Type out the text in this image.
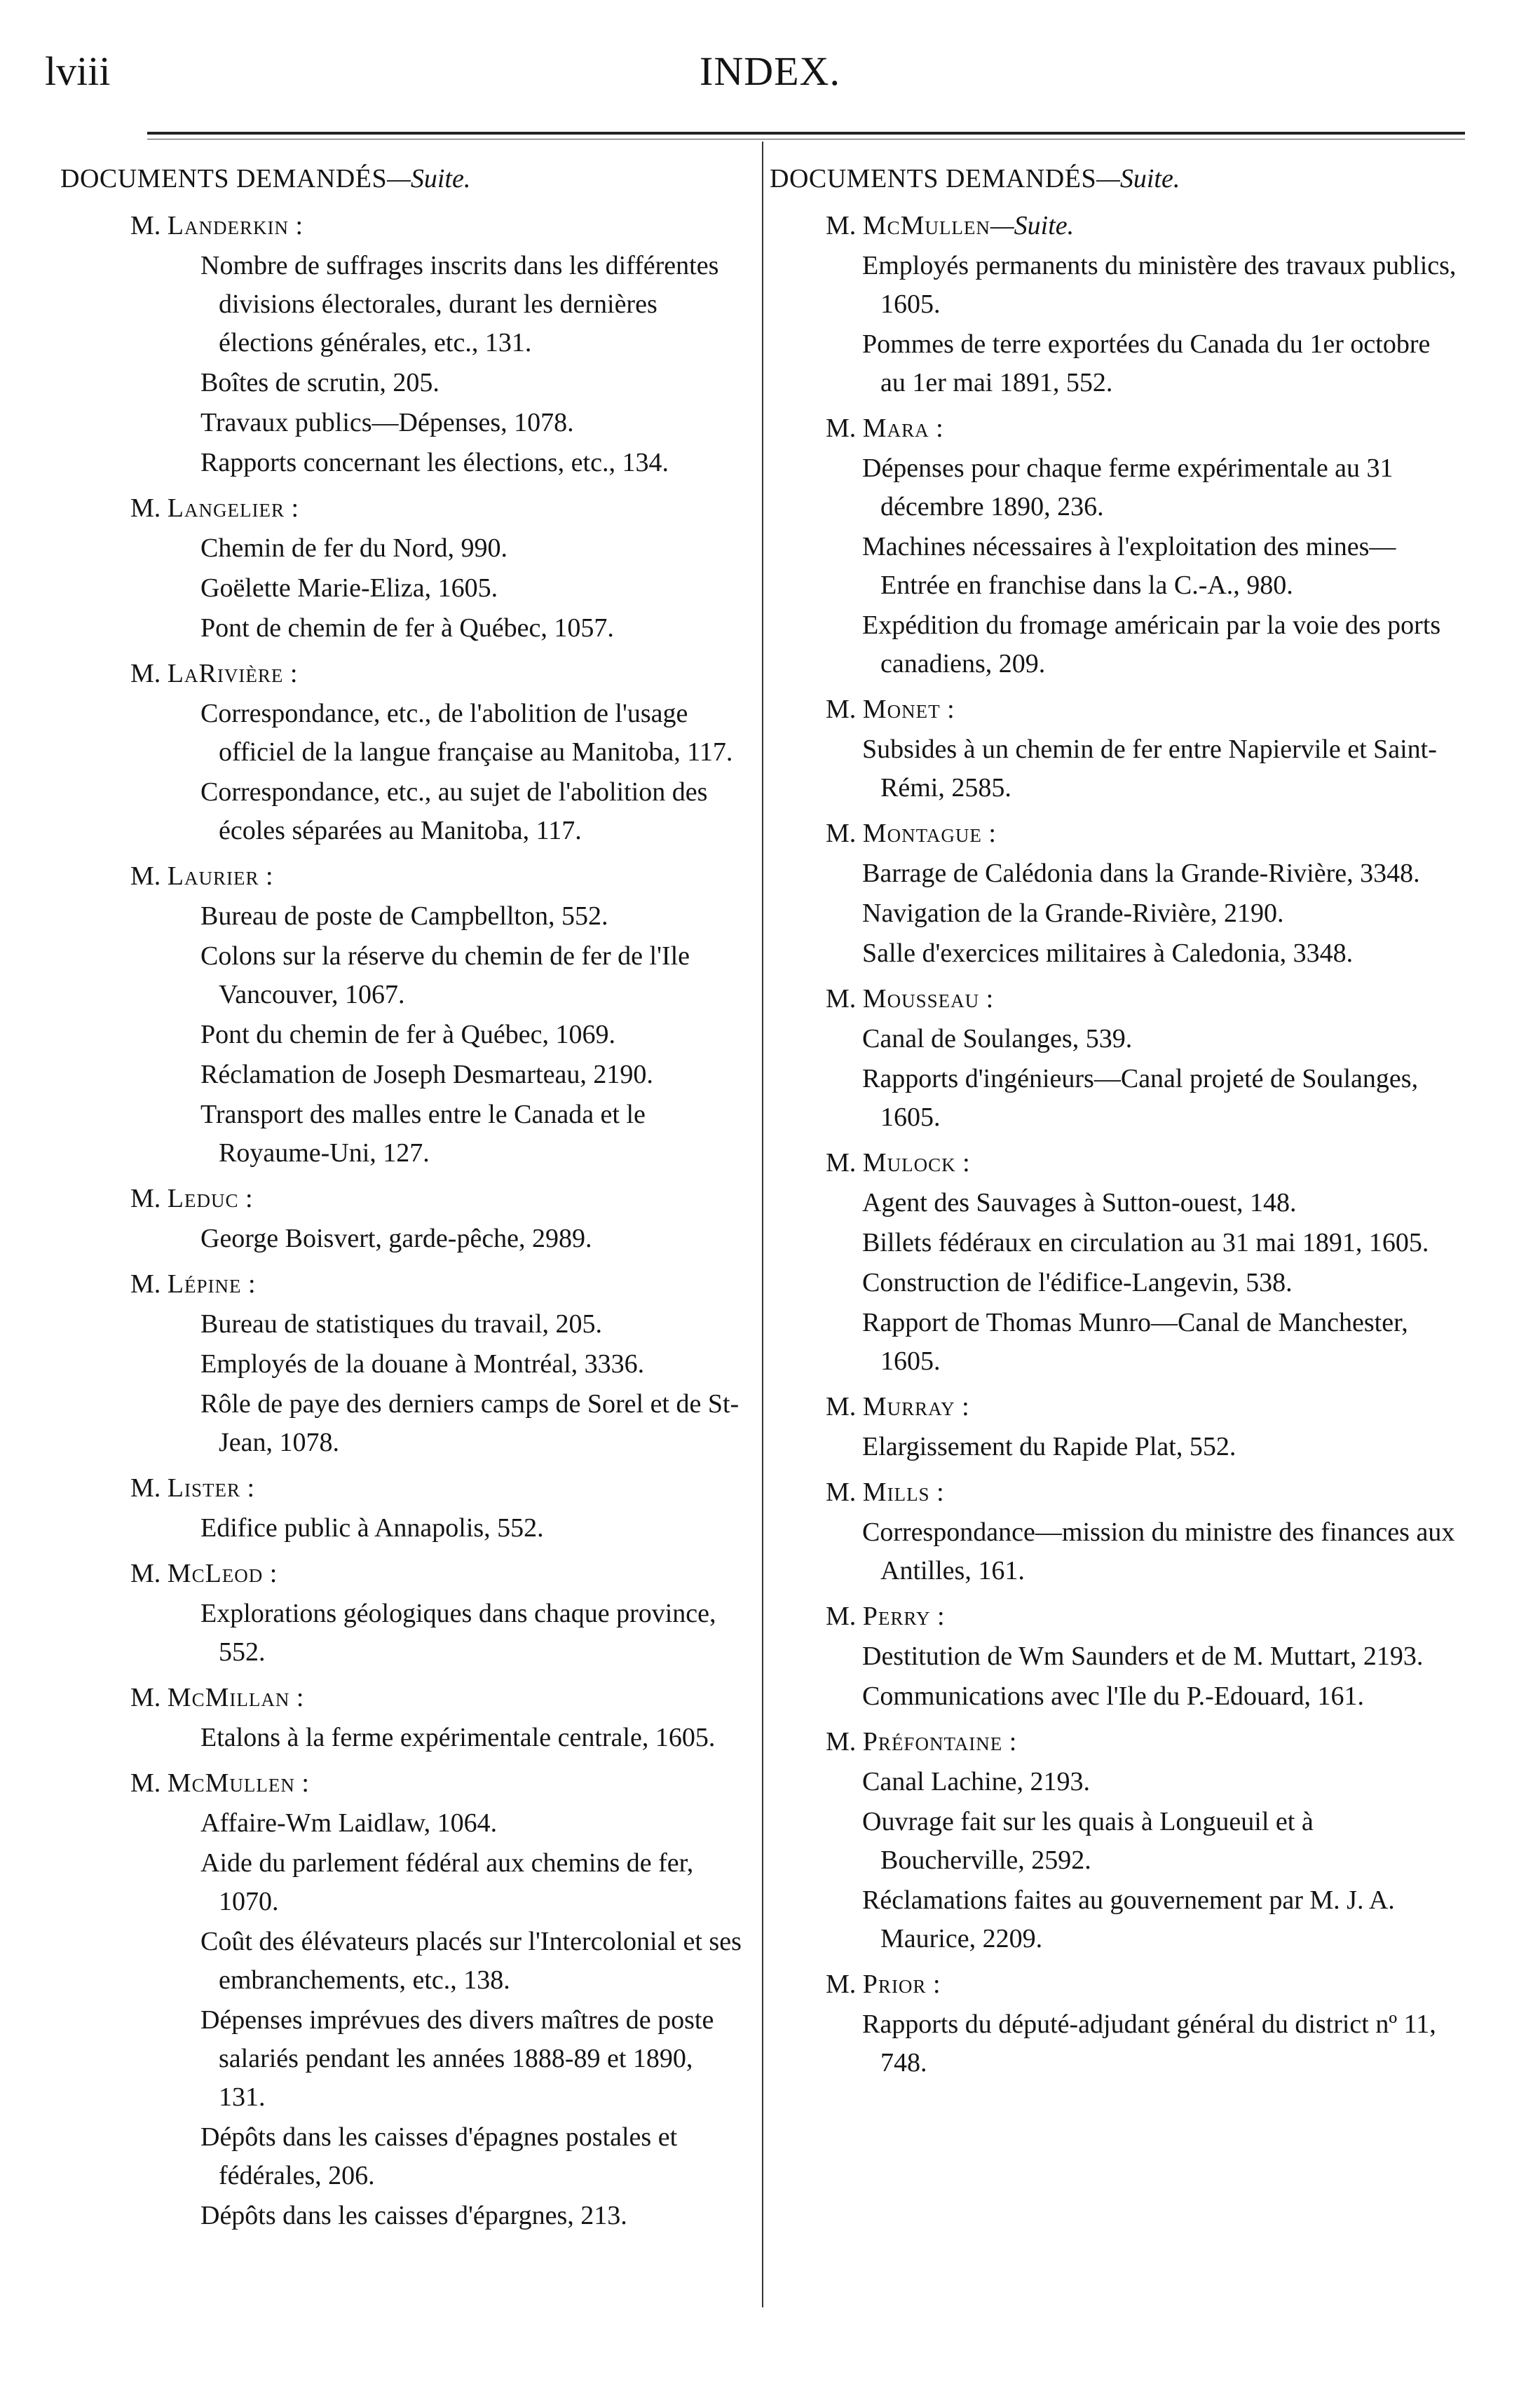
lviii	INDEX.
DOCUMENTS DEMANDÉS—Suite.
M. Landerkin :
Nombre de suffrages inscrits dans les différentes divisions électorales, durant les dernières élections générales, etc., 131.
Boîtes de scrutin, 205.
Travaux publics—Dépenses, 1078.
Rapports concernant les élections, etc., 134.
M. Langelier :
Chemin de fer du Nord, 990.
Goëlette Marie-Eliza, 1605.
Pont de chemin de fer à Québec, 1057.
M. LaRivière :
Correspondance, etc., de l'abolition de l'usage officiel de la langue française au Manitoba, 117.
Correspondance, etc., au sujet de l'abolition des écoles séparées au Manitoba, 117.
M. Laurier :
Bureau de poste de Campbellton, 552.
Colons sur la réserve du chemin de fer de l'Ile Vancouver, 1067.
Pont du chemin de fer à Québec, 1069.
Réclamation de Joseph Desmarteau, 2190.
Transport des malles entre le Canada et le Royaume-Uni, 127.
M. Leduc :
George Boisvert, garde-pêche, 2989.
M. Lépine :
Bureau de statistiques du travail, 205.
Employés de la douane à Montréal, 3336.
Rôle de paye des derniers camps de Sorel et de St-Jean, 1078.
M. Lister :
Edifice public à Annapolis, 552.
M. McLeod :
Explorations géologiques dans chaque province, 552.
M. McMillan :
Etalons à la ferme expérimentale centrale, 1605.
M. McMullen :
Affaire-Wm Laidlaw, 1064.
Aide du parlement fédéral aux chemins de fer, 1070.
Coût des élévateurs placés sur l'Intercolonial et ses embranchements, etc., 138.
Dépenses imprévues des divers maîtres de poste salariés pendant les années 1888-89 et 1890, 131.
Dépôts dans les caisses d'épagnes postales et fédérales, 206.
Dépôts dans les caisses d'épargnes, 213.
DOCUMENTS DEMANDÉS—Suite.
M. McMullen—Suite.
Employés permanents du ministère des travaux publics, 1605.
Pommes de terre exportées du Canada du 1er octobre au 1er mai 1891, 552.
M. Mara :
Dépenses pour chaque ferme expérimentale au 31 décembre 1890, 236.
Machines nécessaires à l'exploitation des mines—Entrée en franchise dans la C.-A., 980.
Expédition du fromage américain par la voie des ports canadiens, 209.
M. Monet :
Subsides à un chemin de fer entre Napiervile et Saint-Rémi, 2585.
M. Montague :
Barrage de Calédonia dans la Grande-Rivière, 3348.
Navigation de la Grande-Rivière, 2190.
Salle d'exercices militaires à Caledonia, 3348.
M. Mousseau :
Canal de Soulanges, 539.
Rapports d'ingénieurs—Canal projeté de Soulanges, 1605.
M. Mulock :
Agent des Sauvages à Sutton-ouest, 148.
Billets fédéraux en circulation au 31 mai 1891, 1605.
Construction de l'édifice-Langevin, 538.
Rapport de Thomas Munro—Canal de Manchester, 1605.
M. Murray :
Elargissement du Rapide Plat, 552.
M. Mills :
Correspondance—mission du ministre des finances aux Antilles, 161.
M. Perry :
Destitution de Wm Saunders et de M. Muttart, 2193.
Communications avec l'Ile du P.-Edouard, 161.
M. Préfontaine :
Canal Lachine, 2193.
Ouvrage fait sur les quais à Longueuil et à Boucherville, 2592.
Réclamations faites au gouvernement par M. J. A. Maurice, 2209.
M. Prior :
Rapports du député-adjudant général du district nº 11, 748.
